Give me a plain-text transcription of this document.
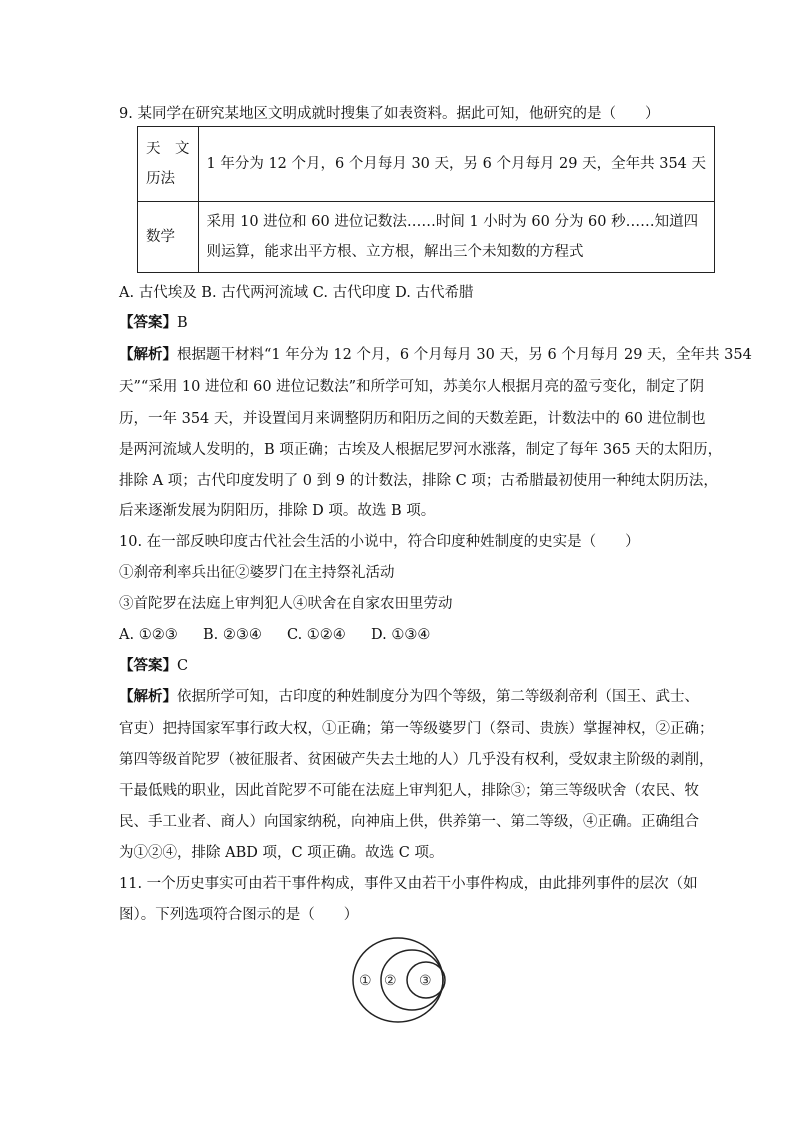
9. 某同学在研究某地区文明成就时搜集了如表资料。据此可知，他研究的是（　　）
天　文
历法	1 年分为 12 个月，6 个月每月 30 天，另 6 个月每月 29 天，全年共 354 天

数学	采用 10 进位和 60 进位记数法……时间 1 小时为 60 分为 60 秒……知道四
则运算，能求出平方根、立方根，解出三个未知数的方程式
A. 古代埃及 B. 古代两河流域 C. 古代印度 D. 古代希腊
【答案】B
【解析】根据题干材料“1 年分为 12 个月，6 个月每月 30 天，另 6 个月每月 29 天，全年共 354
天”“采用 10 进位和 60 进位记数法”和所学可知，苏美尔人根据月亮的盈亏变化，制定了阴
历，一年 354 天，并设置闰月来调整阴历和阳历之间的天数差距，计数法中的 60 进位制也
是两河流域人发明的，B 项正确；古埃及人根据尼罗河水涨落，制定了每年 365 天的太阳历，
排除 A 项；古代印度发明了 0 到 9 的计数法，排除 C 项；古希腊最初使用一种纯太阴历法，
后来逐渐发展为阴阳历，排除 D 项。故选 B 项。
10. 在一部反映印度古代社会生活的小说中，符合印度种姓制度的史实是（　　）
①刹帝利率兵出征②婆罗门在主持祭礼活动
③首陀罗在法庭上审判犯人④吠舍在自家农田里劳动
A. ①②③ B. ②③④ C. ①②④ D. ①③④
【答案】C
【解析】依据所学可知，古印度的种姓制度分为四个等级，第二等级刹帝利（国王、武士、
官吏）把持国家军事行政大权，①正确；第一等级婆罗门（祭司、贵族）掌握神权，②正确；
第四等级首陀罗（被征服者、贫困破产失去土地的人）几乎没有权利，受奴隶主阶级的剥削，
干最低贱的职业，因此首陀罗不可能在法庭上审判犯人，排除③；第三等级吠舍（农民、牧
民、手工业者、商人）向国家纳税，向神庙上供，供养第一、第二等级，④正确。正确组合
为①②④，排除 ABD 项，C 项正确。故选 C 项。
11. 一个历史事实可由若干事件构成，事件又由若干小事件构成，由此排列事件的层次（如
图）。下列选项符合图示的是（　　）
① ② ③
